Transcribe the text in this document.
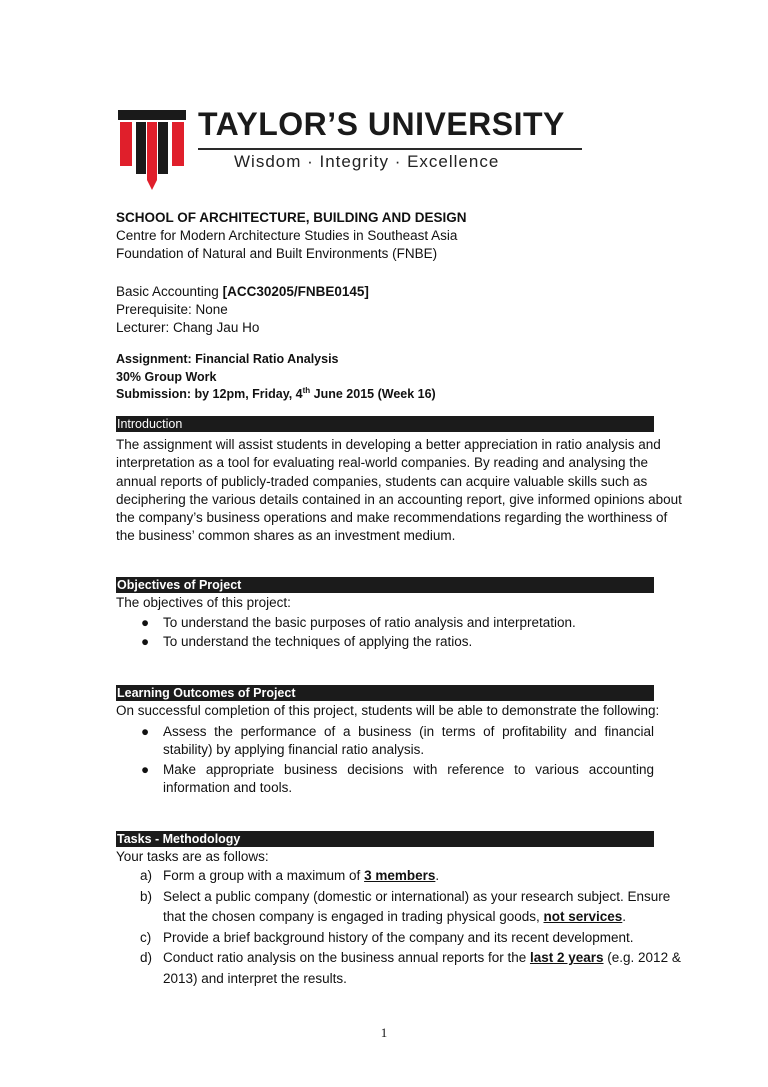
TAYLOR’S UNIVERSITY
Wisdom · Integrity · Excellence
SCHOOL OF ARCHITECTURE, BUILDING AND DESIGN
Centre for Modern Architecture Studies in Southeast Asia
Foundation of Natural and Built Environments (FNBE)
Basic Accounting [ACC30205/FNBE0145]
Prerequisite: None
Lecturer: Chang Jau Ho
Assignment: Financial Ratio Analysis
30% Group Work
Submission: by 12pm, Friday, 4th June 2015 (Week 16)
Introduction
The assignment will assist students in developing a better appreciation in ratio analysis and
interpretation as a tool for evaluating real-world companies. By reading and analysing the
annual reports of publicly-traded companies, students can acquire valuable skills such as
deciphering the various details contained in an accounting report, give informed opinions about
the company’s business operations and make recommendations regarding the worthiness of
the business’ common shares as an investment medium.
Objectives of Project
The objectives of this project:
● To understand the basic purposes of ratio analysis and interpretation.
● To understand the techniques of applying the ratios.
Learning Outcomes of Project
On successful completion of this project, students will be able to demonstrate the following:
● Assess the performance of a business (in terms of profitability and financial stability) by applying financial ratio analysis.
● Make appropriate business decisions with reference to various accounting information and tools.
Tasks - Methodology
Your tasks are as follows:
a) Form a group with a maximum of 3 members.
b) Select a public company (domestic or international) as your research subject. Ensure
that the chosen company is engaged in trading physical goods, not services.
c) Provide a brief background history of the company and its recent development.
d) Conduct ratio analysis on the business annual reports for the last 2 years (e.g. 2012 &
2013) and interpret the results.
1
